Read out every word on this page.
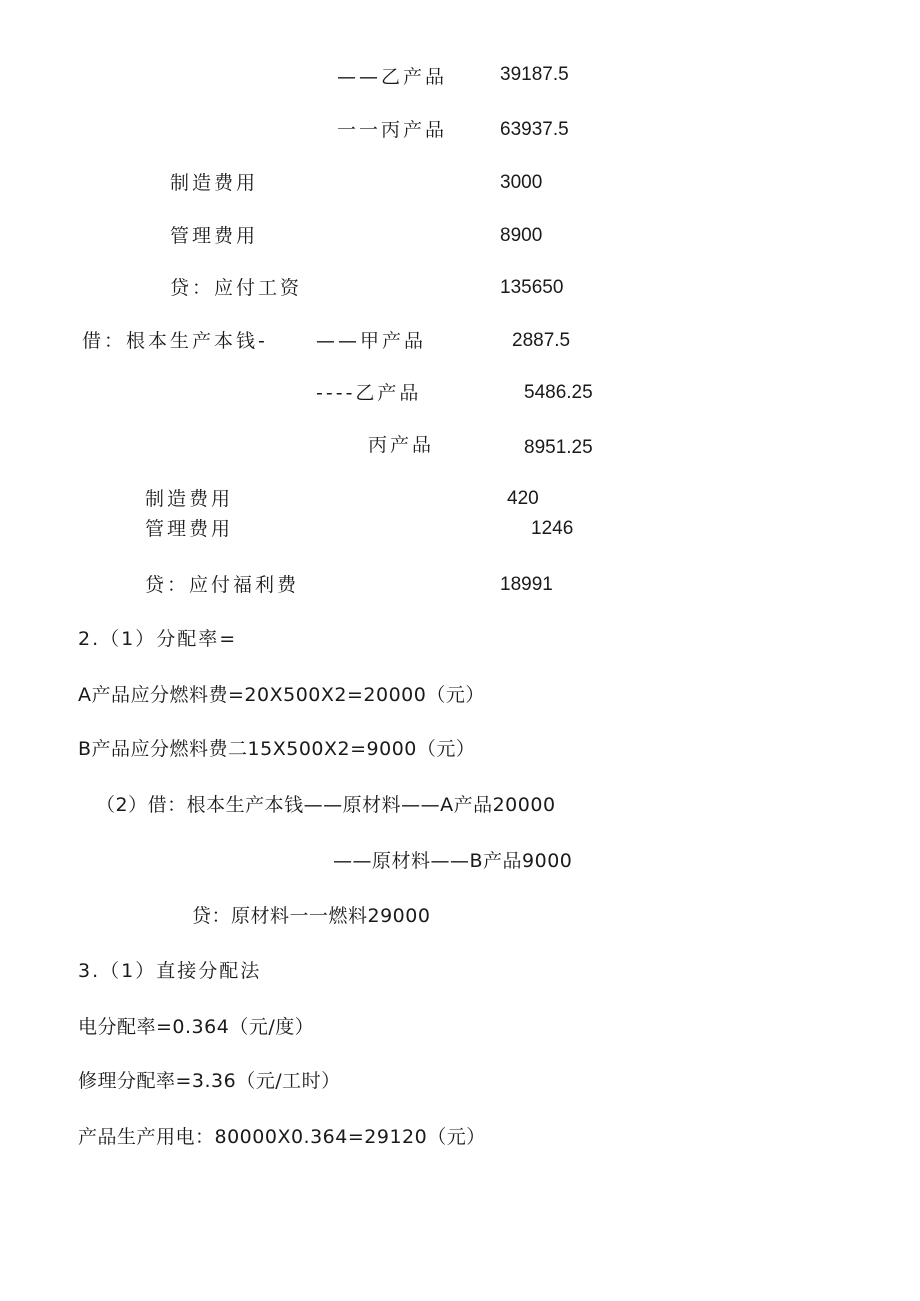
——乙产品	39187.5
一一丙产品	63937.5
制造费用	3000
管理费用	8900
贷：应付工资	135650
借：根本生产本钱-	——甲产品	2887.5
----乙产品	5486.25
丙产品	8951.25
制造费用	420
管理费用	1246
贷：应付福利费	18991
2.（1）分配率=
A产品应分燃料费=20X500X2=20000（元）
B产品应分燃料费二15X500X2=9000（元）
（2）借：根本生产本钱——原材料——A产品20000
——原材料——B产品9000
贷：原材料一一燃料29000
3.（1）直接分配法
电分配率=0.364（元/度）
修理分配率=3.36（元/工时）
产品生产用电：80000X0.364=29120（元）
